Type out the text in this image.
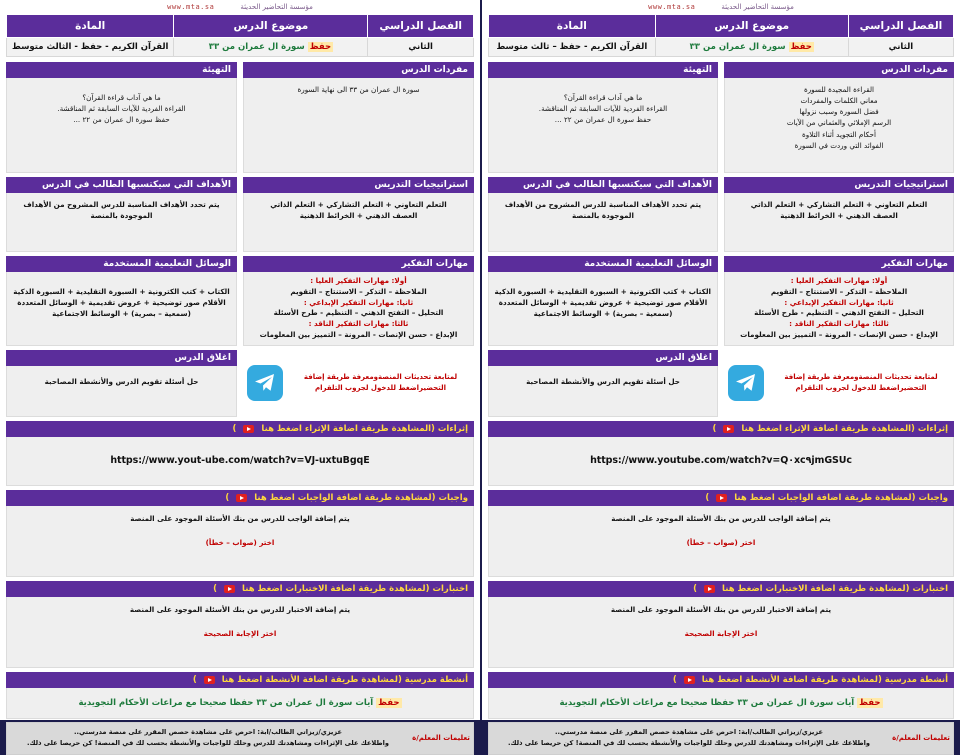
مؤسسة التحاضير الحديثة
www.mta.sa
الفصل الدراسي	موضوع الدرس	المادة
الثاني	حفظ سورة ال عمران من ٣٣	القرآن الكريم - حفظ – ثالث متوسط
مفردات الدرس
القراءة المجيدة للسورة
معاني الكلمات والمفردات
فضل السورة وسبب نزولها
الرسم الإملائي والعثماني من الآيات
أحكام التجويد أثناء التلاوة
الفوائد التي وردت في السورة
التهيئة
ما هي آداب قراءة القرآن؟
القراءة الفردية للآيات السابقة ثم المناقشة.
حفظ سورة ال عمران من ٢٢ ...
استراتيجيات التدريس
التعلم التعاوني + التعلم التشاركي + التعلم الذاتي
العصف الذهني + الخرائط الذهنية
الأهداف التي سيكتسبها الطالب في الدرس
يتم تحدد الأهداف المناسبة للدرس المشروح من الأهداف الموجودة بالمنصة
مهارات التفكير
أولا: مهارات التفكير العليا :
الملاحظة – التذكر – الاستنتاج – التقويم
ثانيا: مهارات التفكير الإبداعي :
التحليل – التفتح الذهني – التنظيم - طرح الأسئلة
ثالثا: مهارات التفكير الناقد :
الإبداع - حسن الإنصات - المرونة – التمييز بين المعلومات
الوسائل التعليمية المستخدمة
الكتاب + كتب الكترونية + السبورة التقليدية + السبورة الذكية
الأقلام صور توضيحية + عروض تقديمية + الوسائل المتعددة
(سمعية – بصرية) + الوسائط الاجتماعية
لمتابعة تحديثات المنصةومعرفة طريقة إضافة التحضيراضغط للدخول لجروب التلقرام
اغلاق الدرس
حل أسئلة تقويم الدرس والأنشطة المصاحبة
إثراءات (المشاهدة طريقة اضافة الإثراء اضغط هنا
)
https://www.youtube.com/watch?v=Q٠xc٩jmGSUc
واجبات (لمشاهدة طريقة اضافة الواجبات اضغط هنا
)
يتم إضافة الواجب للدرس من بنك الأسئلة الموجود على المنصة
اختر (صواب – خطأ)
اختبارات (لمشاهدة طريقة اضافة الاختبارات اضغط هنا
)
يتم إضافة الاختبار للدرس من بنك الأسئلة الموجود على المنصة
اختر الإجابة الصحيحة
أنشطة مدرسية (لمشاهدة طريقة اضافة الأنشطة اضغط هنا
)
حفظ آيات سورة ال عمران من ٣٣ حفظا صحيحا مع مراعات الأحكام التجويدية
تعليمات المعلم/ة
عزيزي/زيزاتي الطالب/ابة: احرص على مشاهدة حصص المقرر على منصة مدرستي..
واطلاعك على الإثراءات ومشاهدتك للدرس وحلك للواجبات والأنشطة بحسب لك في المنصة! كن حريصا على ذلك.
مؤسسة التحاضير الحديثة
www.mta.sa
الفصل الدراسي	موضوع الدرس	المادة
الثاني	حفظ سورة ال عمران من ٣٣	القرآن الكريم - حفظ - الثالث متوسط
مفردات الدرس
سورة ال عمران من ٣٣ الى نهاية السورة
التهيئة
ما هي آداب قراءة القرآن؟
القراءة الفردية للآيات السابقة ثم المناقشة.
حفظ سورة ال عمران من ٢٢ ...
استراتيجيات التدريس
التعلم التعاوني + التعلم التشاركي + التعلم الذاتي
العصف الذهني + الخرائط الذهنية
الأهداف التي سيكتسبها الطالب في الدرس
يتم تحدد الأهداف المناسبة للدرس المشروح من الأهداف الموجودة بالمنصة
مهارات التفكير
أولا: مهارات التفكير العليا :
الملاحظة – التذكر – الاستنتاج – التقويم
ثانيا: مهارات التفكير الإبداعي :
التحليل – التفتح الذهني – التنظيم - طرح الأسئلة
ثالثا: مهارات التفكير الناقد :
الإبداع - حسن الإنصات - المرونة – التمييز بين المعلومات
الوسائل التعليمية المستخدمة
الكتاب + كتب الكترونية + السبورة التقليدية + السبورة الذكية
الأقلام صور توضيحية + عروض تقديمية + الوسائل المتعددة
(سمعية – بصرية) + الوسائط الاجتماعية
لمتابعة تحديثات المنصةومعرفة طريقة إضافة التحضيراضغط للدخول لجروب التلقرام
اغلاق الدرس
حل أسئلة تقويم الدرس والأنشطة المصاحبة
إثراءات (المشاهدة طريقة اضافة الإثراء اضغط هنا
)
https://www.yout-ube.com/watch?v=VJ-uxtuBgqE
واجبات (لمشاهدة طريقة اضافة الواجبات اضغط هنا
)
يتم إضافة الواجب للدرس من بنك الأسئلة الموجود على المنصة
اختر (صواب – خطأ)
اختبارات (لمشاهدة طريقة اضافة الاختبارات اضغط هنا
)
يتم إضافة الاختبار للدرس من بنك الأسئلة الموجود على المنصة
اختر الإجابة الصحيحة
أنشطة مدرسية (لمشاهدة طريقة اضافة الأنشطة اضغط هنا
)
حفظ آيات سورة ال عمران من ٣٣ حفظا صحيحا مع مراعات الأحكام التجويدية
تعليمات المعلم/ة
عزيزي/زيزاتي الطالب/ابة: احرص على مشاهدة حصص المقرر على منصة مدرستي..
واطلاعك على الإثراءات ومشاهدتك للدرس وحلك للواجبات والأنشطة بحسب لك في المنصة! كن حريصا على ذلك.
